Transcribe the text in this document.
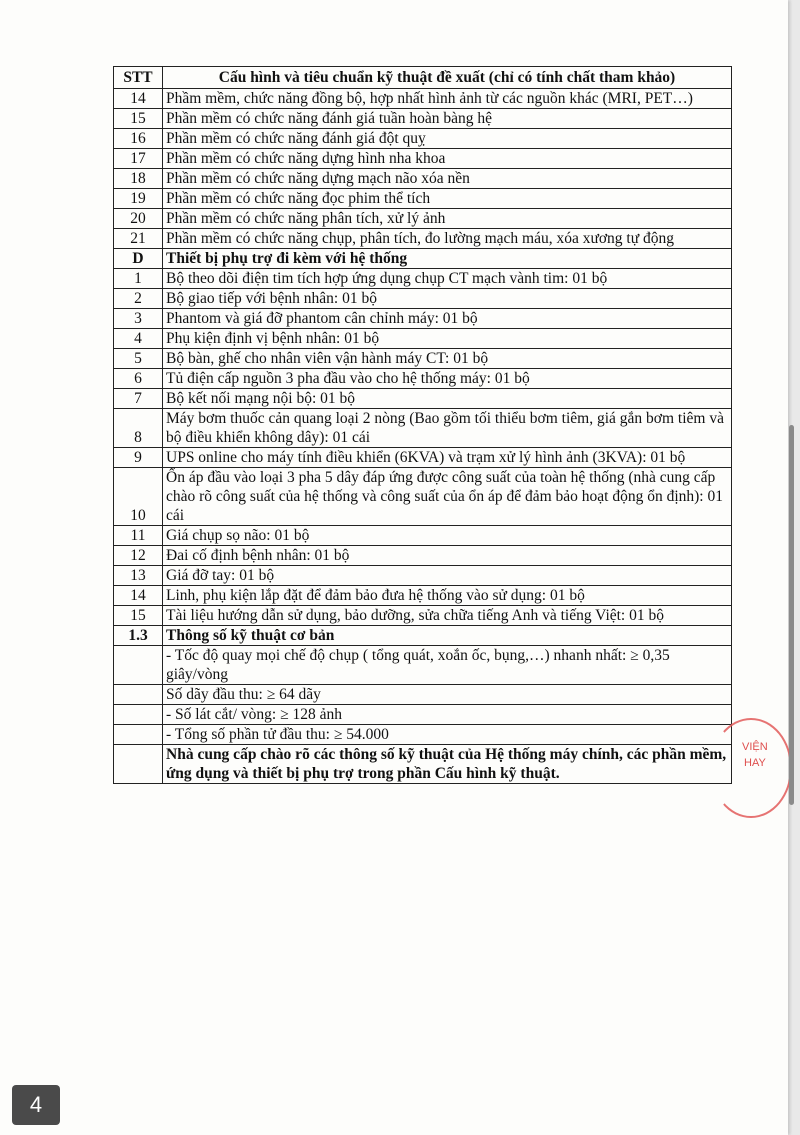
STT	Cấu hình và tiêu chuẩn kỹ thuật đề xuất (chỉ có tính chất tham khảo)
14	Phầm mềm, chức năng đồng bộ, hợp nhất hình ảnh từ các nguồn khác (MRI, PET…)
15	Phần mềm có chức năng đánh giá tuần hoàn bàng hệ
16	Phần mềm có chức năng đánh giá đột quỵ
17	Phần mềm có chức năng dựng hình nha khoa
18	Phần mềm có chức năng dựng mạch não xóa nền
19	Phần mềm có chức năng đọc phim thể tích
20	Phần mềm có chức năng phân tích, xử lý ảnh
21	Phần mềm có chức năng chụp, phân tích, đo lường mạch máu, xóa xương tự động
D	Thiết bị phụ trợ đi kèm với hệ thống
1	Bộ theo dõi điện tim tích hợp ứng dụng chụp CT mạch vành tim: 01 bộ
2	Bộ giao tiếp với bệnh nhân: 01 bộ
3	Phantom và giá đỡ phantom cân chỉnh máy: 01 bộ
4	Phụ kiện định vị bệnh nhân: 01 bộ
5	Bộ bàn, ghế cho nhân viên vận hành máy CT: 01 bộ
6	Tủ điện cấp nguồn 3 pha đầu vào cho hệ thống máy: 01 bộ
7	Bộ kết nối mạng nội bộ: 01 bộ
8	Máy bơm thuốc cản quang loại 2 nòng (Bao gồm tối thiểu bơm tiêm, giá gắn bơm tiêm và bộ điều khiển không dây): 01 cái
9	UPS online cho máy tính điều khiển (6KVA) và trạm xử lý hình ảnh (3KVA): 01 bộ
10	Ổn áp đầu vào loại 3 pha 5 dây đáp ứng được công suất của toàn hệ thống (nhà cung cấp chào rõ công suất của hệ thống và công suất của ổn áp để đảm bảo hoạt động ổn định): 01 cái
11	Giá chụp sọ não: 01 bộ
12	Đai cố định bệnh nhân: 01 bộ
13	Giá đỡ tay: 01 bộ
14	Linh, phụ kiện lắp đặt để đảm bảo đưa hệ thống vào sử dụng: 01 bộ
15	Tài liệu hướng dẫn sử dụng, bảo dưỡng, sửa chữa tiếng Anh và tiếng Việt: 01 bộ
1.3	Thông số kỹ thuật cơ bản
	- Tốc độ quay mọi chế độ chụp ( tổng quát, xoắn ốc, bụng,…) nhanh nhất: ≥ 0,35 giây/vòng
	Số dãy đầu thu: ≥ 64 dãy
	- Số lát cắt/ vòng: ≥ 128 ảnh
	- Tổng số phần tử đầu thu: ≥ 54.000
	Nhà cung cấp chào rõ các thông số kỹ thuật của Hệ thống máy chính, các phần mềm, ứng dụng và thiết bị phụ trợ trong phần Cấu hình kỹ thuật.
VIỆN
HAY
4
